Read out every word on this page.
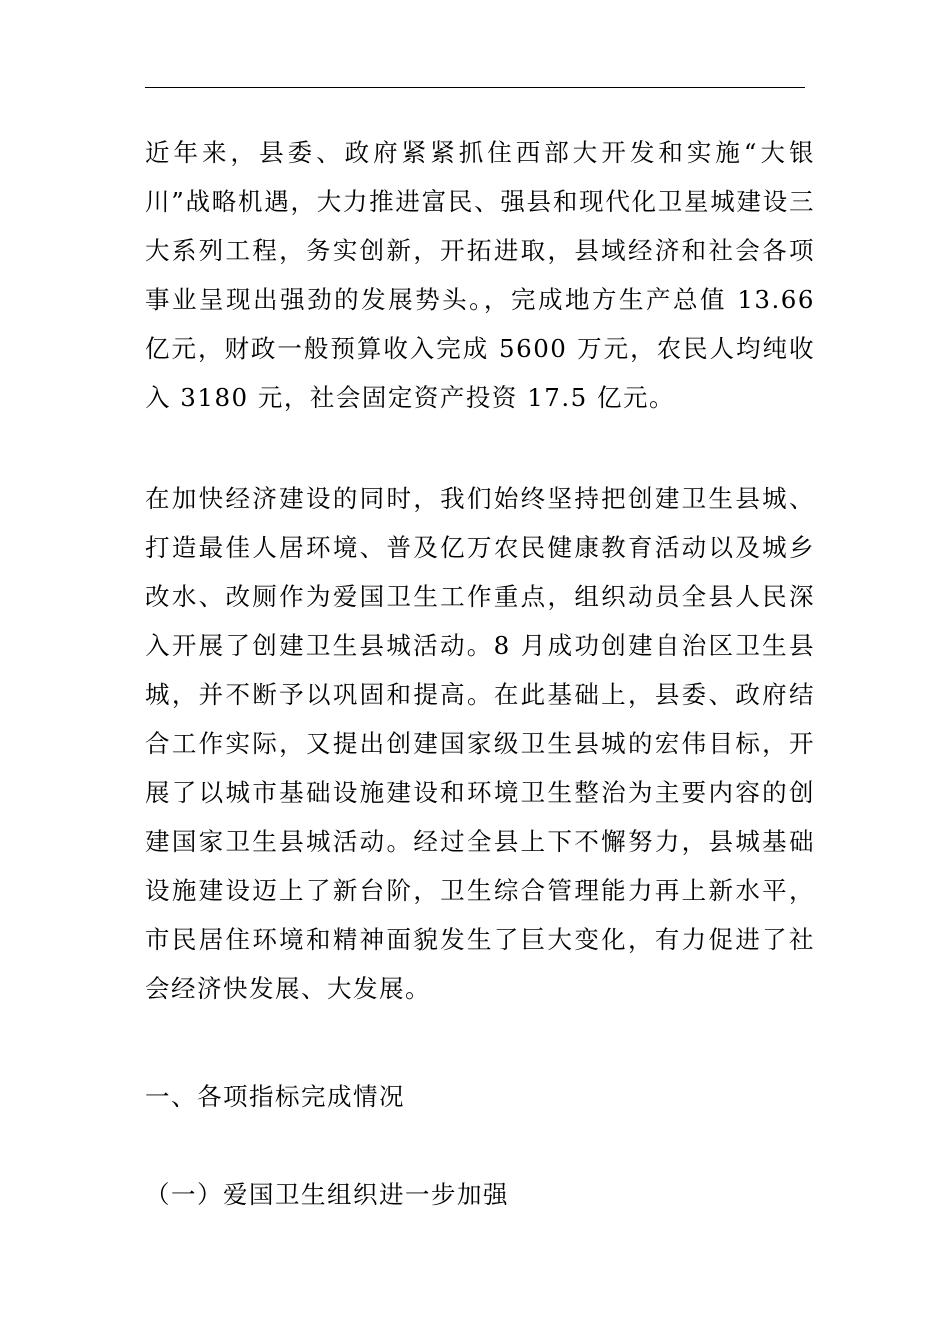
近年来，县委、政府紧紧抓住西部大开发和实施“大银川”战略机遇，大力推进富民、强县和现代化卫星城建设三大系列工程，务实创新，开拓进取，县域经济和社会各项事业呈现出强劲的发展势头。，完成地方生产总值 13.66 亿元，财政一般预算收入完成 5600 万元，农民人均纯收入 3180 元，社会固定资产投资 17.5 亿元。

在加快经济建设的同时，我们始终坚持把创建卫生县城、打造最佳人居环境、普及亿万农民健康教育活动以及城乡改水、改厕作为爱国卫生工作重点，组织动员全县人民深入开展了创建卫生县城活动。8 月成功创建自治区卫生县城，并不断予以巩固和提高。在此基础上，县委、政府结合工作实际，又提出创建国家级卫生县城的宏伟目标，开展了以城市基础设施建设和环境卫生整治为主要内容的创建国家卫生县城活动。经过全县上下不懈努力，县城基础设施建设迈上了新台阶，卫生综合管理能力再上新水平，市民居住环境和精神面貌发生了巨大变化，有力促进了社会经济快发展、大发展。

一、各项指标完成情况
（一）爱国卫生组织进一步加强
